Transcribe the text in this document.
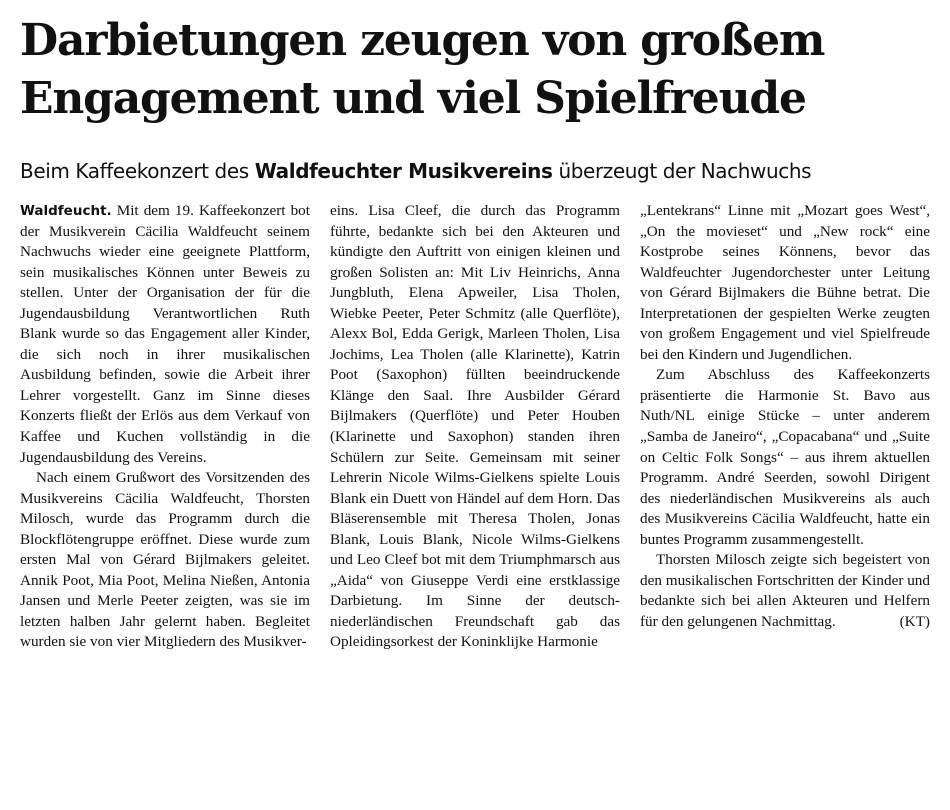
Darbietungen zeugen von großem
Engagement und viel Spielfreude
Beim Kaffeekonzert des Waldfeuchter Musikvereins überzeugt der Nachwuchs

Waldfeucht. Mit dem 19. Kaffeekonzert bot der Musikverein Cäcilia Waldfeucht seinem Nachwuchs wieder eine geeignete Plattform, sein musikalisches Können unter Beweis zu stellen. Unter der Organisation der für die Jugendausbildung Verantwortlichen Ruth Blank wurde so das Engagement aller Kinder, die sich noch in ihrer musikalischen Ausbildung befinden, sowie die Arbeit ihrer Lehrer vorgestellt. Ganz im Sinne dieses Konzerts fließt der Erlös aus dem Verkauf von Kaffee und Kuchen vollständig in die Jugendausbildung des Vereins.

Nach einem Grußwort des Vorsitzenden des Musikvereins Cäcilia Waldfeucht, Thorsten Milosch, wurde das Programm durch die Blockflötengruppe eröffnet. Diese wurde zum ersten Mal von Gérard Bijlmakers geleitet. Annik Poot, Mia Poot, Melina Nießen, Antonia Jansen und Merle Peeter zeigten, was sie im letzten halben Jahr gelernt haben. Begleitet wurden sie von vier Mitgliedern des Musikver-

eins. Lisa Cleef, die durch das Programm führte, bedankte sich bei den Akteuren und kündigte den Auftritt von einigen kleinen und großen Solisten an: Mit Liv Heinrichs, Anna Jungbluth, Elena Apweiler, Lisa Tholen, Wiebke Peeter, Peter Schmitz (alle Querflöte), Alexx Bol, Edda Gerigk, Marleen Tholen, Lisa Jochims, Lea Tholen (alle Klarinette), Katrin Poot (Saxophon) füllten beeindruckende Klänge den Saal. Ihre Ausbilder Gérard Bijlmakers (Querflöte) und Peter Houben (Klarinette und Saxophon) standen ihren Schülern zur Seite. Gemeinsam mit seiner Lehrerin Nicole Wilms-Gielkens spielte Louis Blank ein Duett von Händel auf dem Horn. Das Bläserensemble mit Theresa Tholen, Jonas Blank, Louis Blank, Nicole Wilms-Gielkens und Leo Cleef bot mit dem Triumphmarsch aus „Aida“ von Giuseppe Verdi eine erstklassige Darbietung. Im Sinne der deutsch-niederländischen Freundschaft gab das Opleidingsorkest der Koninklijke Harmonie

„Lentekrans“ Linne mit „Mozart goes West“, „On the movieset“ und „New rock“ eine Kostprobe seines Könnens, bevor das Waldfeuchter Jugendorchester unter Leitung von Gérard Bijlmakers die Bühne betrat. Die Interpretationen der gespielten Werke zeugten von großem Engagement und viel Spielfreude bei den Kindern und Jugendlichen.

Zum Abschluss des Kaffeekonzerts präsentierte die Harmonie St. Bavo aus Nuth/NL einige Stücke – unter anderem „Samba de Janeiro“, „Copacabana“ und „Suite on Celtic Folk Songs“ – aus ihrem aktuellen Programm. André Seerden, sowohl Dirigent des niederländischen Musikvereins als auch des Musikvereins Cäcilia Waldfeucht, hatte ein buntes Programm zusammengestellt.

Thorsten Milosch zeigte sich begeistert von den musikalischen Fortschritten der Kinder und bedankte sich bei allen Akteuren und Helfern für den gelungenen Nachmittag.	(KT)
